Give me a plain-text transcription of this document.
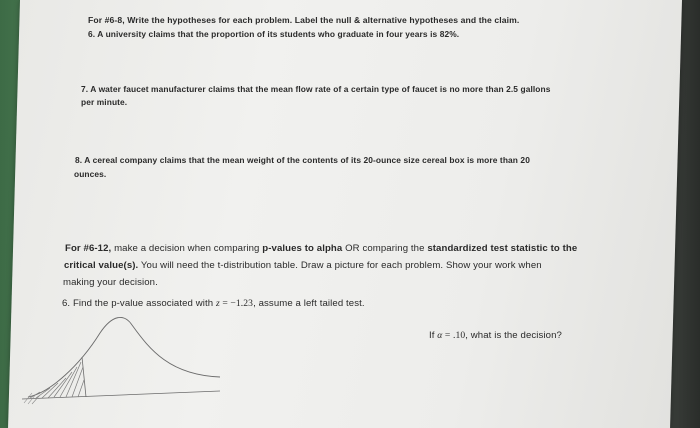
For #6-8, Write the hypotheses for each problem. Label the null & alternative hypotheses and the claim.
6. A university claims that the proportion of its students who graduate in four years is 82%.
7. A water faucet manufacturer claims that the mean flow rate of a certain type of faucet is no more than 2.5 gallons
per minute.
8. A cereal company claims that the mean weight of the contents of its 20-ounce size cereal box is more than 20
ounces.
For #6-12, make a decision when comparing p-values to alpha OR comparing the standardized test statistic to the
critical value(s). You will need the t-distribution table. Draw a picture for each problem. Show your work when
making your decision.
6. Find the p-value associated with z = −1.23, assume a left tailed test.
If α = .10, what is the decision?
